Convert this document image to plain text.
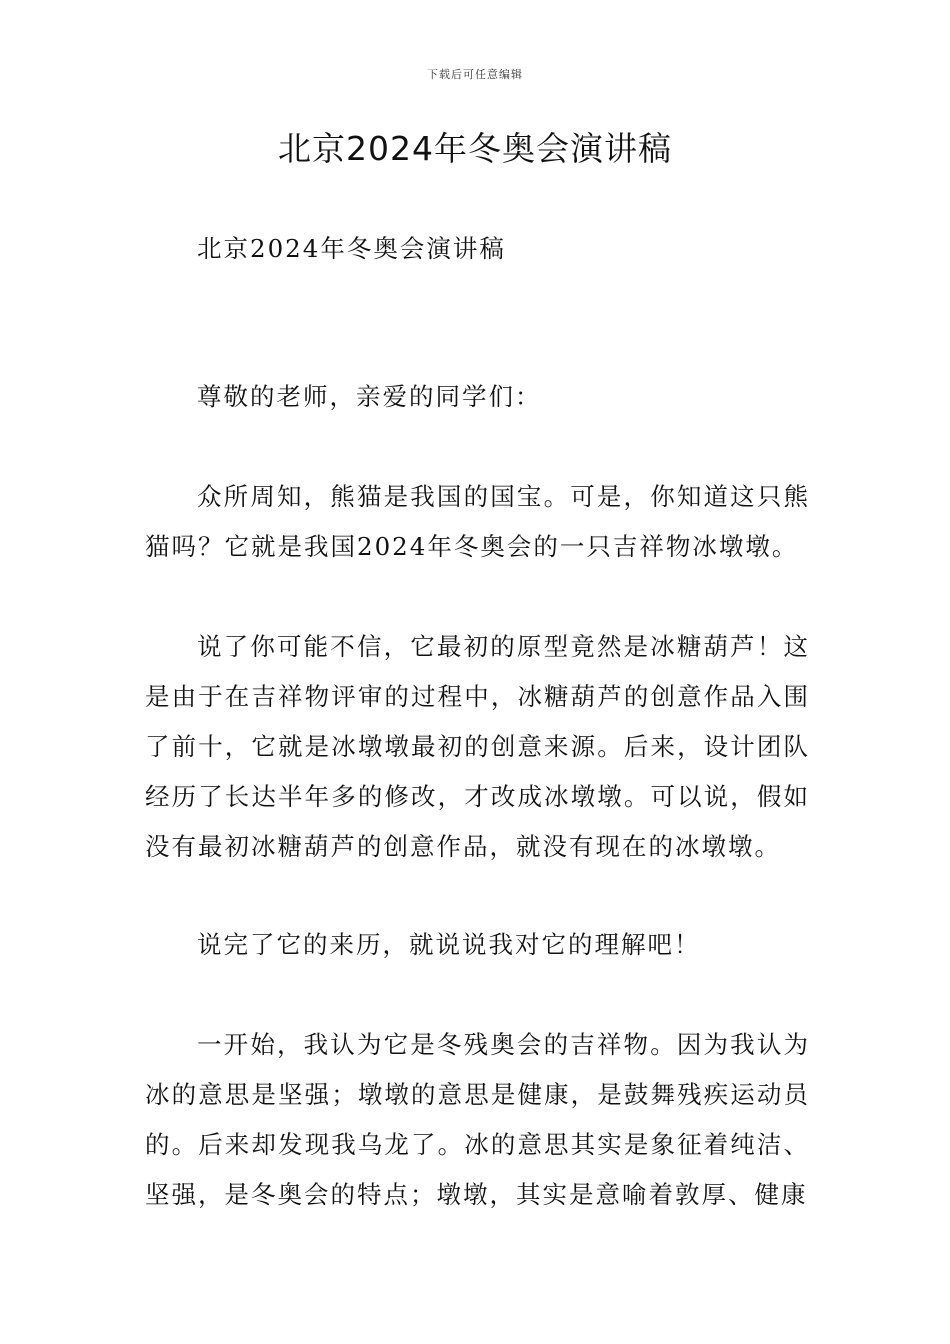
下载后可任意编辑
北京2024年冬奥会演讲稿

北京2024年冬奥会演讲稿

尊敬的老师，亲爱的同学们：

众所周知，熊猫是我国的国宝。可是，你知道这只熊猫吗？它就是我国2024年冬奥会的一只吉祥物冰墩墩。

说了你可能不信，它最初的原型竟然是冰糖葫芦！这是由于在吉祥物评审的过程中，冰糖葫芦的创意作品入围了前十，它就是冰墩墩最初的创意来源。后来，设计团队经历了长达半年多的修改，才改成冰墩墩。可以说，假如没有最初冰糖葫芦的创意作品，就没有现在的冰墩墩。

说完了它的来历，就说说我对它的理解吧！

一开始，我认为它是冬残奥会的吉祥物。因为我认为冰的意思是坚强；墩墩的意思是健康，是鼓舞残疾运动员的。后来却发现我乌龙了。冰的意思其实是象征着纯洁、坚强，是冬奥会的特点；墩墩，其实是意喻着敦厚、健康
